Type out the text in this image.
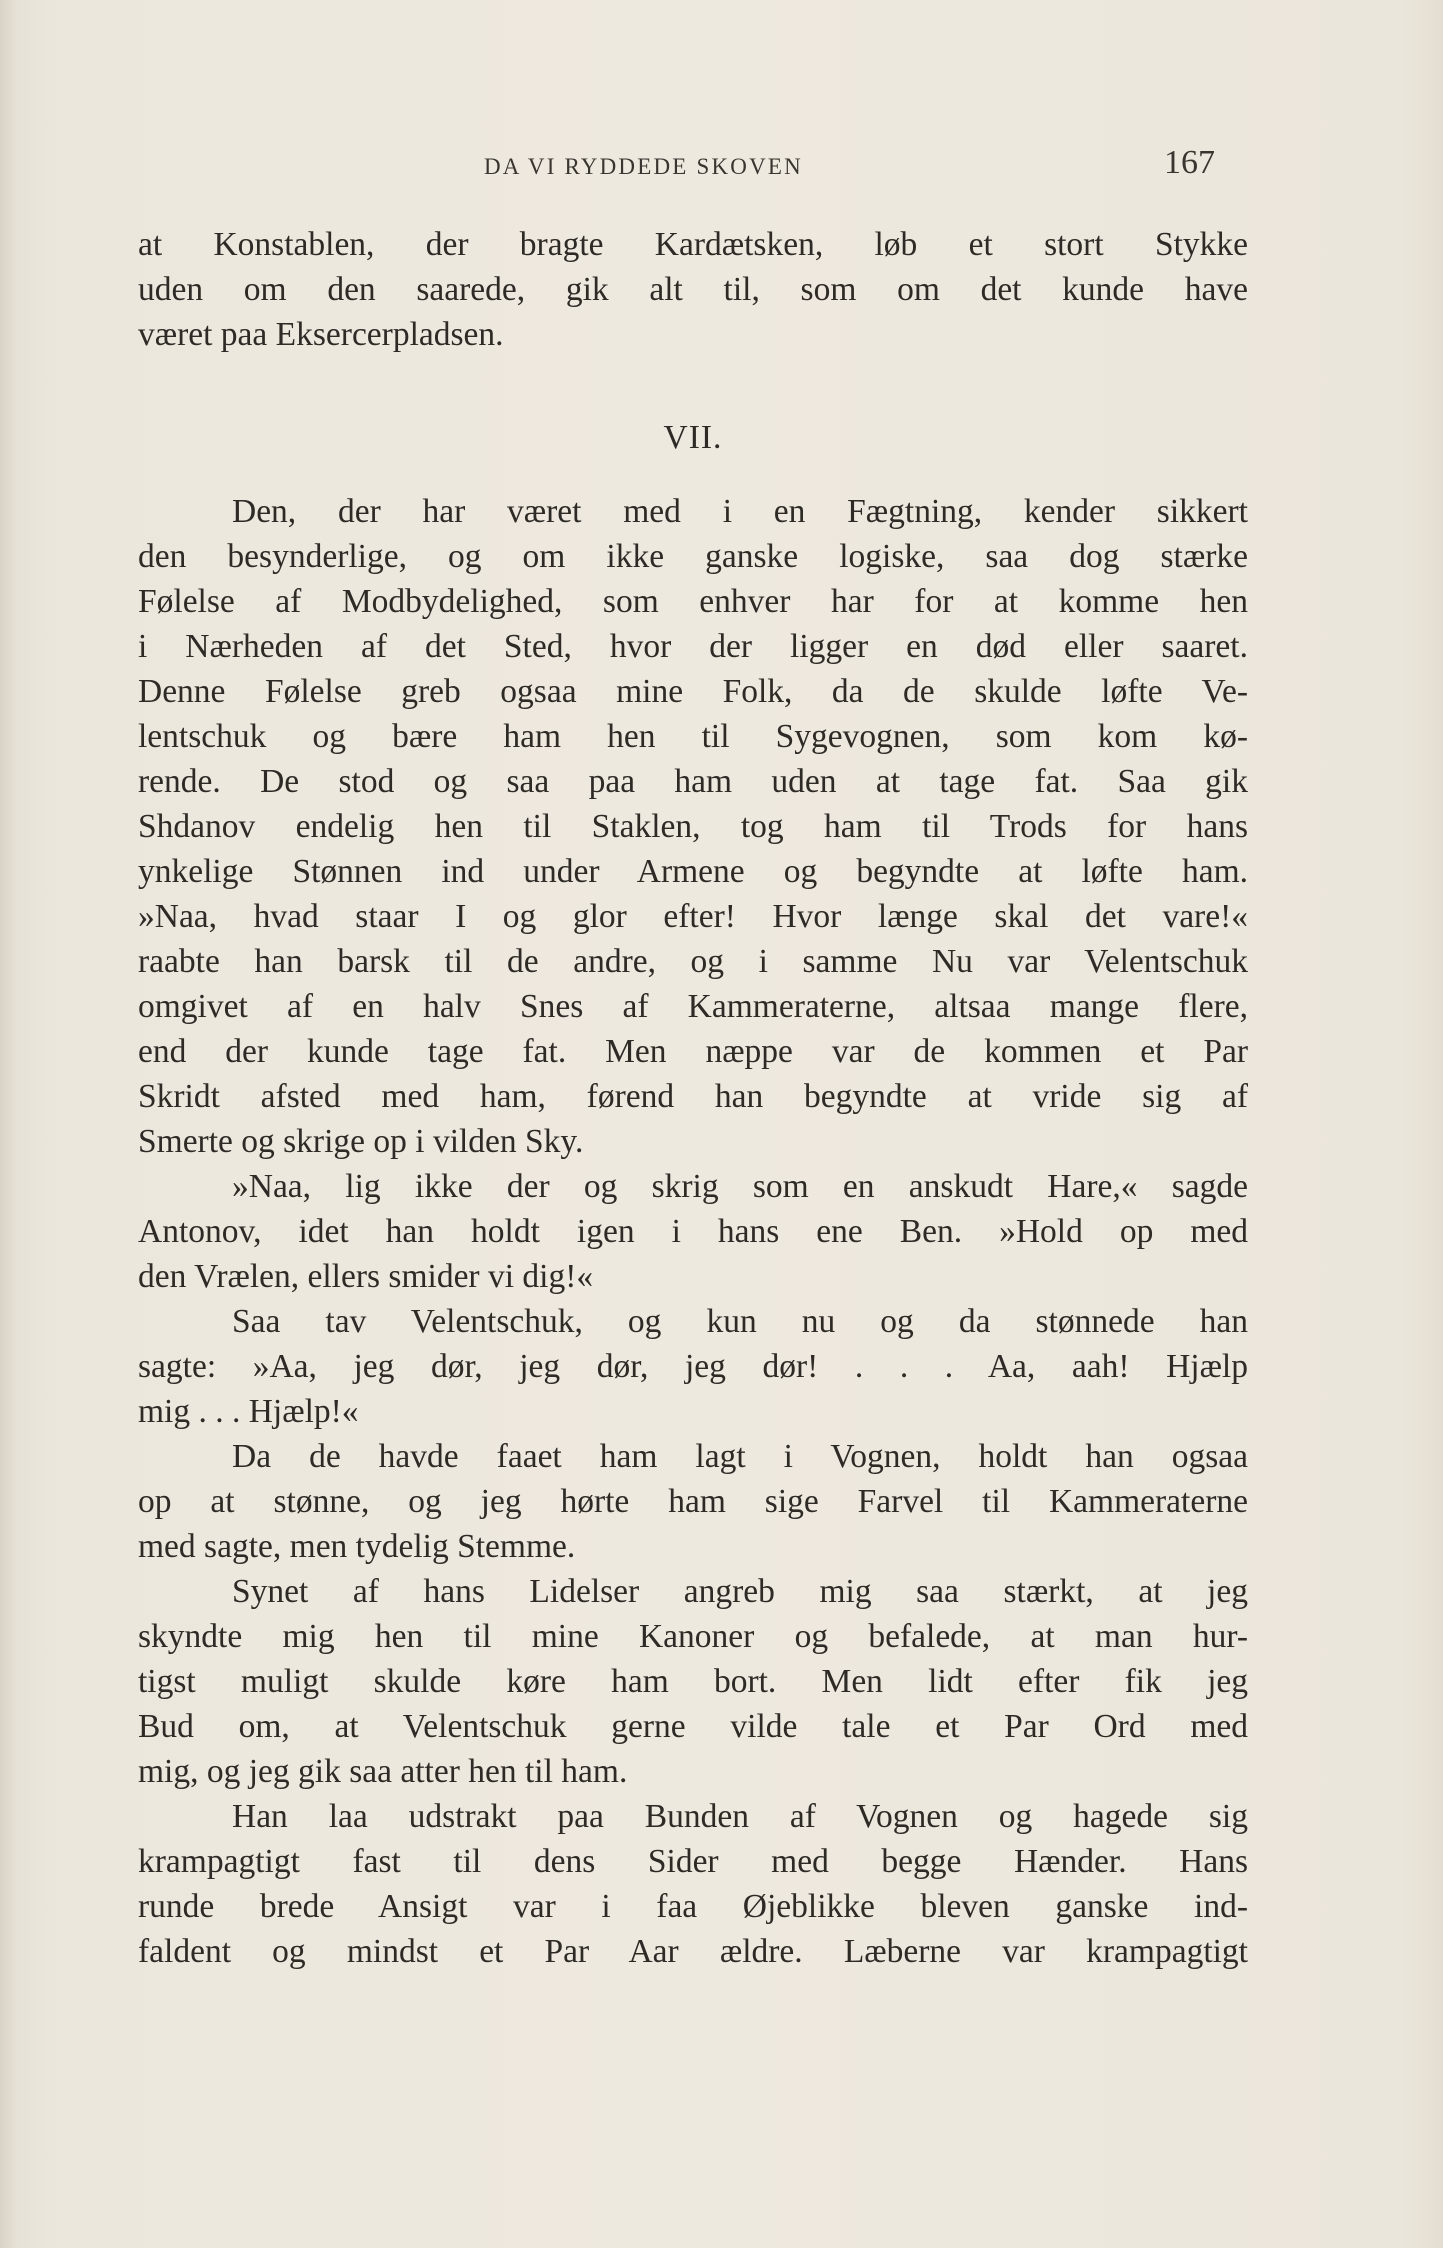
DA VI RYDDEDE SKOVEN	167
at Konstablen, der bragte Kardætsken, løb et stort Stykke
uden om den saarede, gik alt til, som om det kunde have
været paa Eksercerpladsen.
VII.
Den, der har været med i en Fægtning, kender sikkert
den besynderlige, og om ikke ganske logiske, saa dog stærke
Følelse af Modbydelighed, som enhver har for at komme hen
i Nærheden af det Sted, hvor der ligger en død eller saaret.
Denne Følelse greb ogsaa mine Folk, da de skulde løfte Ve-
lentschuk og bære ham hen til Sygevognen, som kom kø-
rende. De stod og saa paa ham uden at tage fat. Saa gik
Shdanov endelig hen til Staklen, tog ham til Trods for hans
ynkelige Stønnen ind under Armene og begyndte at løfte ham.
»Naa, hvad staar I og glor efter! Hvor længe skal det vare!«
raabte han barsk til de andre, og i samme Nu var Velentschuk
omgivet af en halv Snes af Kammeraterne, altsaa mange flere,
end der kunde tage fat. Men næppe var de kommen et Par
Skridt afsted med ham, førend han begyndte at vride sig af
Smerte og skrige op i vilden Sky.
»Naa, lig ikke der og skrig som en anskudt Hare,« sagde
Antonov, idet han holdt igen i hans ene Ben. »Hold op med
den Vrælen, ellers smider vi dig!«
Saa tav Velentschuk, og kun nu og da stønnede han
sagte: »Aa, jeg dør, jeg dør, jeg dør! . . . Aa, aah! Hjælp
mig . . . Hjælp!«
Da de havde faaet ham lagt i Vognen, holdt han ogsaa
op at stønne, og jeg hørte ham sige Farvel til Kammeraterne
med sagte, men tydelig Stemme.
Synet af hans Lidelser angreb mig saa stærkt, at jeg
skyndte mig hen til mine Kanoner og befalede, at man hur-
tigst muligt skulde køre ham bort. Men lidt efter fik jeg
Bud om, at Velentschuk gerne vilde tale et Par Ord med
mig, og jeg gik saa atter hen til ham.
Han laa udstrakt paa Bunden af Vognen og hagede sig
krampagtigt fast til dens Sider med begge Hænder. Hans
runde brede Ansigt var i faa Øjeblikke bleven ganske ind-
faldent og mindst et Par Aar ældre. Læberne var krampagtigt
